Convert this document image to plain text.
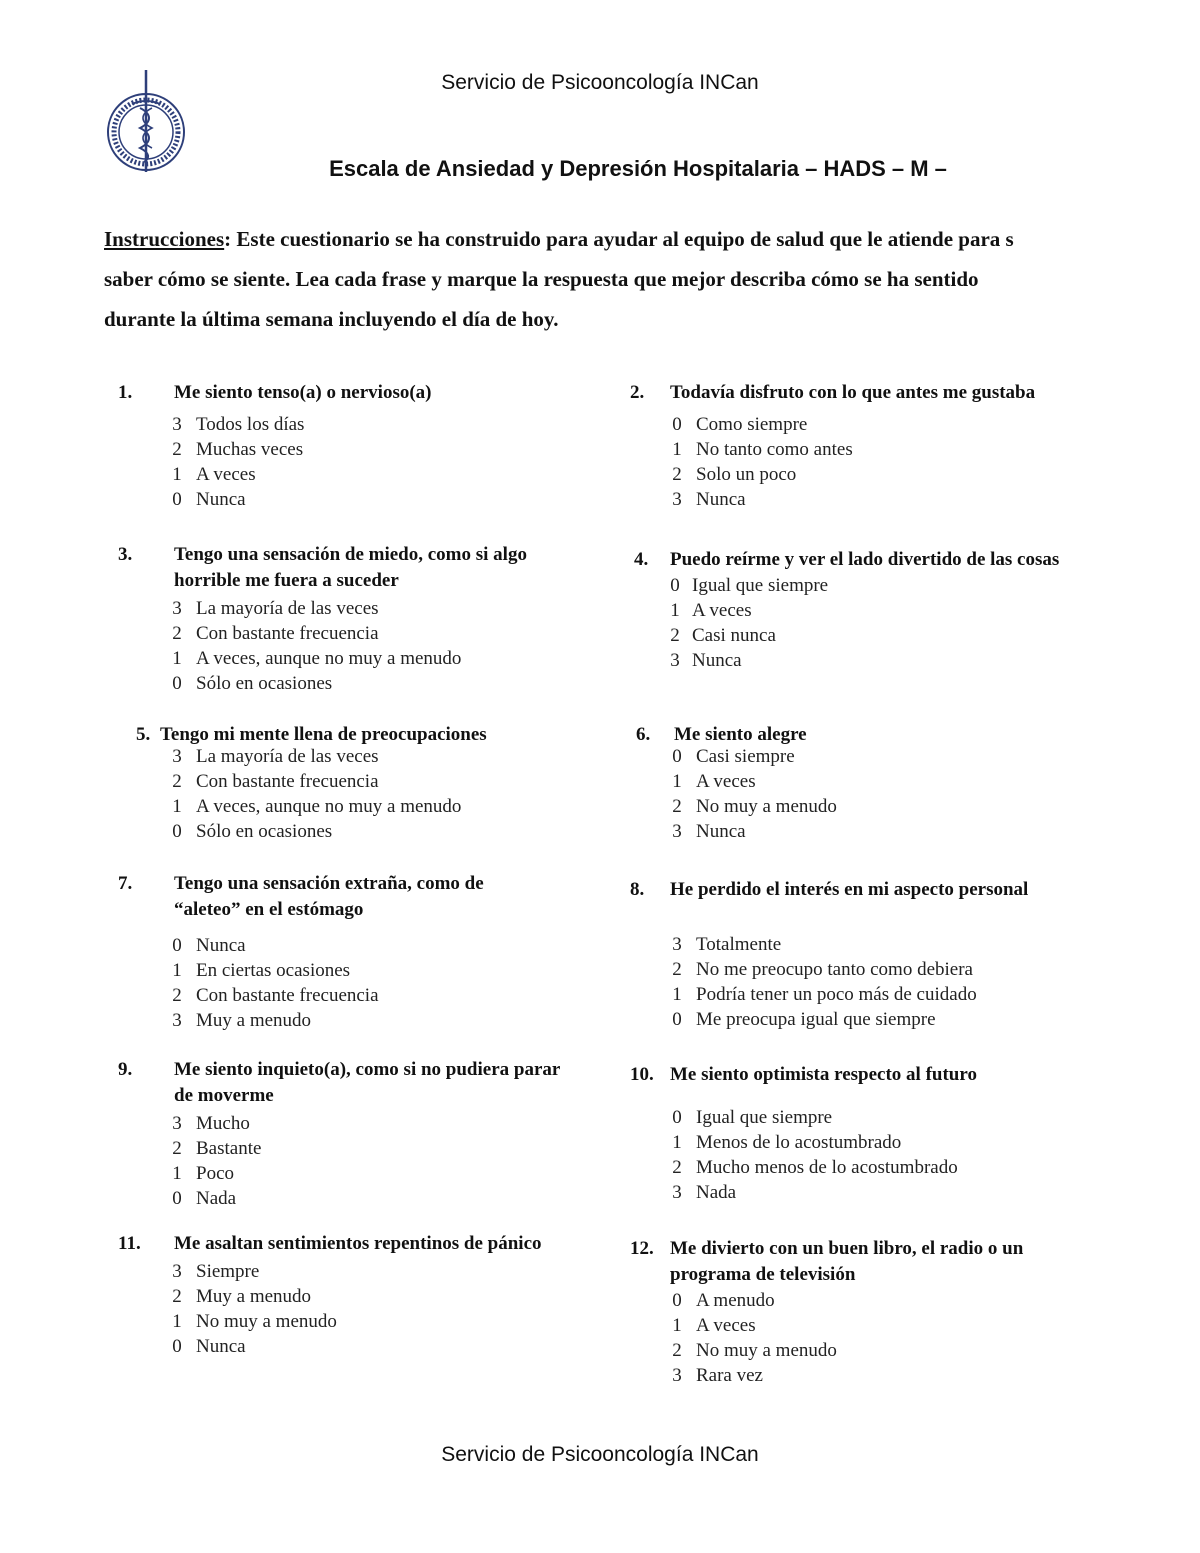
Servicio de Psicooncología INCan
Escala de Ansiedad y Depresión Hospitalaria – HADS – M –
Instrucciones: Este cuestionario se ha construido para ayudar al equipo de salud que le atiende para s
saber cómo se siente. Lea cada frase y marque la respuesta que mejor describa cómo se ha sentido
durante la última semana incluyendo el día de hoy.
1.	Me siento tenso(a) o nervioso(a)
3 Todos los días
2 Muchas veces
1 A veces
0 Nunca
2.	Todavía disfruto con lo que antes me gustaba
0 Como siempre
1 No tanto como antes
2 Solo un poco
3 Nunca
3.	Tengo una sensación de miedo, como si algo horrible me fuera a suceder
3 La mayoría de las veces
2 Con bastante frecuencia
1 A veces, aunque no muy a menudo
0 Sólo en ocasiones
4.	Puedo reírme y ver el lado divertido de las cosas
0 Igual que siempre
1 A veces
2 Casi nunca
3 Nunca
5. Tengo mi mente llena de preocupaciones
3 La mayoría de las veces
2 Con bastante frecuencia
1 A veces, aunque no muy a menudo
0 Sólo en ocasiones
6.	Me siento alegre
0 Casi siempre
1 A veces
2 No muy a menudo
3 Nunca
7.	Tengo una sensación extraña, como de “aleteo” en el estómago
0 Nunca
1 En ciertas ocasiones
2 Con bastante frecuencia
3 Muy a menudo
8.	He perdido el interés en mi aspecto personal
3 Totalmente
2 No me preocupo tanto como debiera
1 Podría tener un poco más de cuidado
0 Me preocupa igual que siempre
9.	Me siento inquieto(a), como si no pudiera parar de moverme
3 Mucho
2 Bastante
1 Poco
0 Nada
10. Me siento optimista respecto al futuro
0 Igual que siempre
1 Menos de lo acostumbrado
2 Mucho menos de lo acostumbrado
3 Nada
11.	Me asaltan sentimientos repentinos de pánico
3 Siempre
2 Muy a menudo
1 No muy a menudo
0 Nunca
12. Me divierto con un buen libro, el radio o un programa de televisión
0 A menudo
1 A veces
2 No muy a menudo
3 Rara vez
Servicio de Psicooncología INCan
